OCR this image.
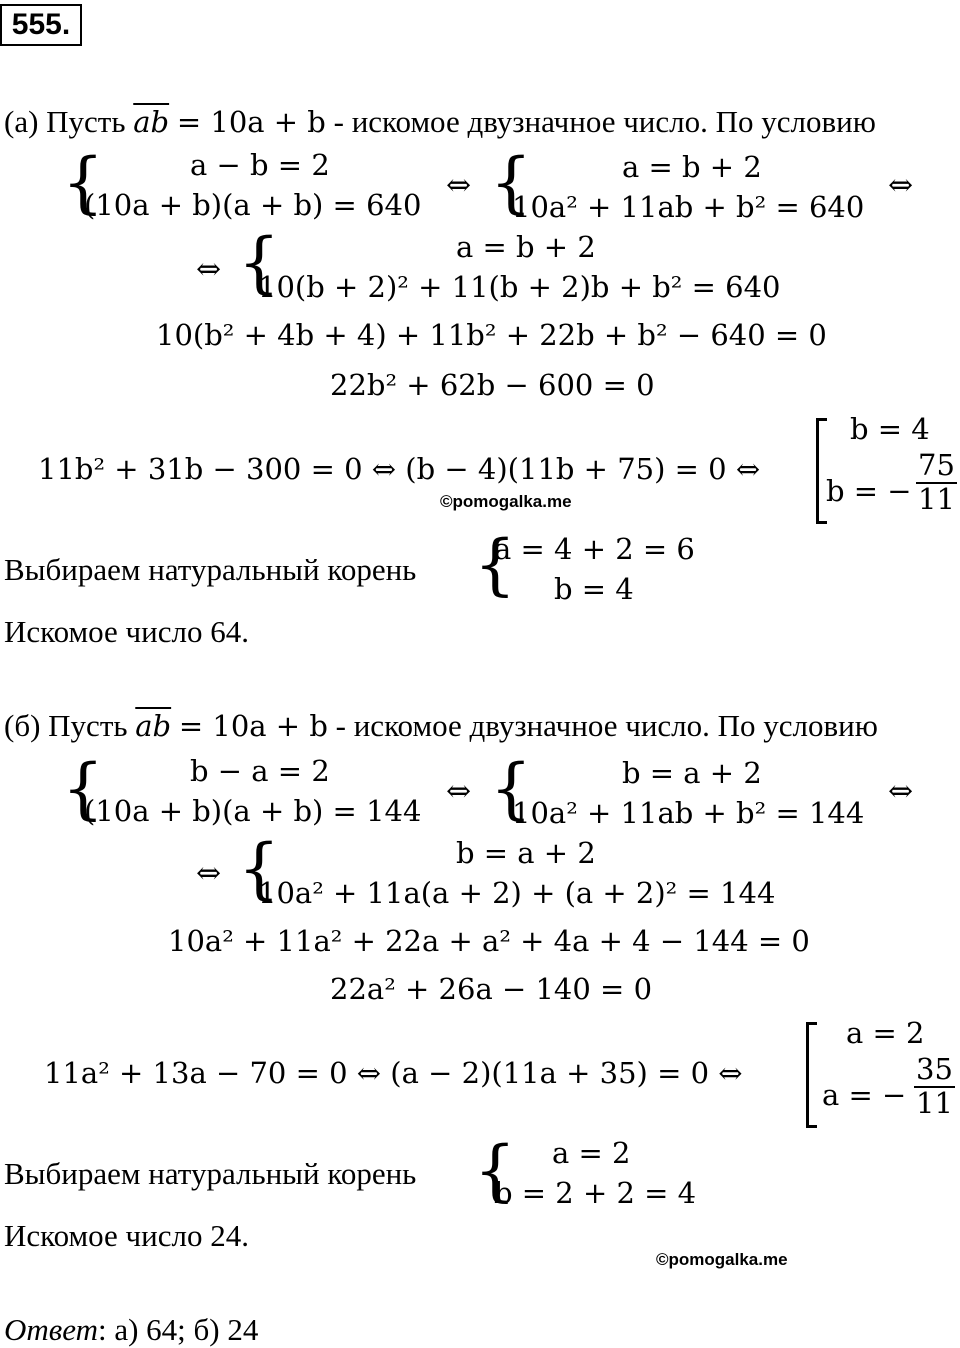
555.
(а) Пусть $\overline{ab} = 10a + b$ - искомое двузначное число. По условию
{	a − b = 2
(10a + b)(a + b) = 640
⇔ {	a = b + 2
10a² + 11ab + b² = 640
⇔
⇔ {	a = b + 2
10(b + 2)² + 11(b + 2)b + b² = 640
10(b² + 4b + 4) + 11b² + 22b + b² − 640 = 0
22b² + 62b − 600 = 0
11b² + 31b − 300 = 0 ⇔ (b − 4)(11b + 75) = 0 ⇔
b = 4
b = − $\frac{75}{11}$
©pomogalka.me
Выбираем натуральный корень {
a = 4 + 2 = 6
b = 4
Искомое число 64.
(б) Пусть $\overline{ab} = 10a + b$ - искомое двузначное число. По условию
{	b − a = 2
(10a + b)(a + b) = 144
⇔ {	b = a + 2
10a² + 11ab + b² = 144
⇔
⇔ {	b = a + 2
10a² + 11a(a + 2) + (a + 2)² = 144
10a² + 11a² + 22a + a² + 4a + 4 − 144 = 0
22a² + 26a − 140 = 0
11a² + 13a − 70 = 0 ⇔ (a − 2)(11a + 35) = 0 ⇔
a = 2
a = − $\frac{35}{11}$
Выбираем натуральный корень { a = 2
b = 2 + 2 = 4
Искомое число 24.
©pomogalka.me
Ответ: а) 64; б) 24
